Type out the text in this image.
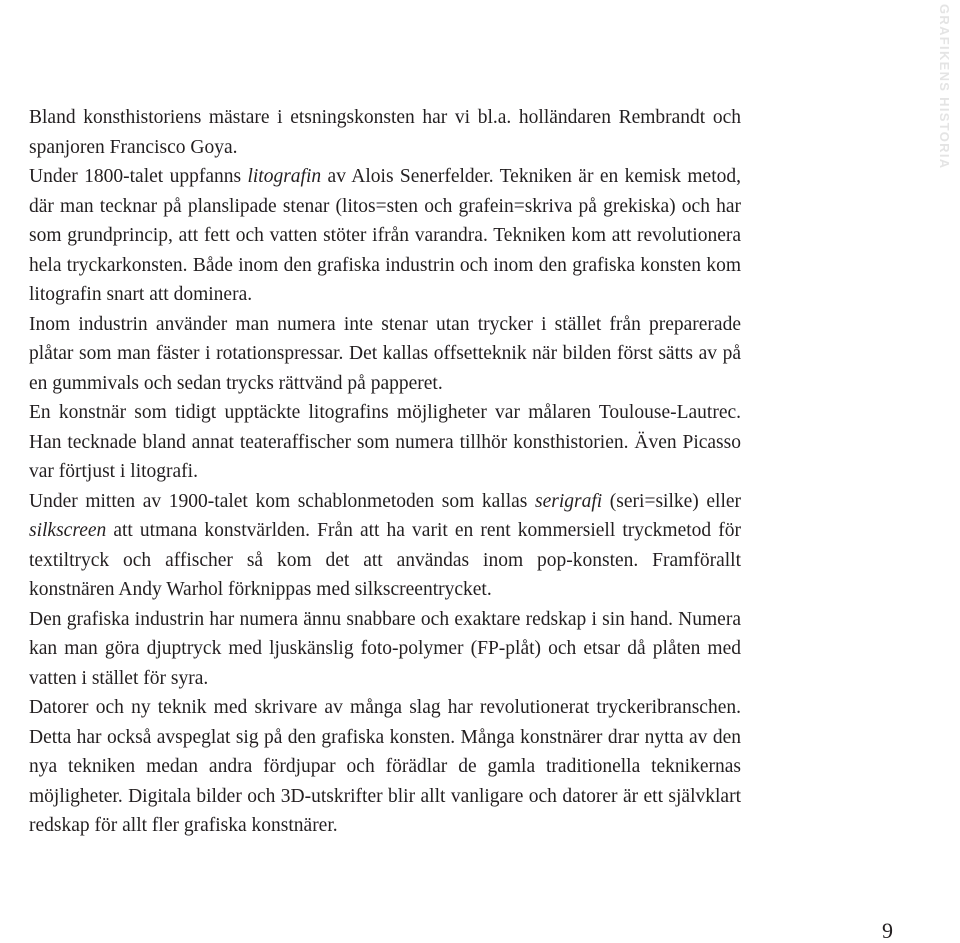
GRAFIKENS HISTORIA

Bland konsthistoriens mästare i etsningskonsten har vi bl.a. holländaren Rembrandt och spanjoren Francisco Goya.

Under 1800-talet uppfanns litografin av Alois Senerfelder. Tekniken är en kemisk metod, där man tecknar på planslipade stenar (litos=sten och grafein=skriva på grekiska) och har som grundprincip, att fett och vatten stöter ifrån varandra. Tekniken kom att revolutionera hela tryckarkonsten. Både inom den grafiska industrin och inom den grafiska konsten kom litografin snart att dominera.

Inom industrin använder man numera inte stenar utan trycker i stället från preparerade plåtar som man fäster i rotationspressar. Det kallas offsetteknik när bilden först sätts av på en gummivals och sedan trycks rättvänd på papperet.

En konstnär som tidigt upptäckte litografins möjligheter var målaren Toulouse-Lautrec. Han tecknade bland annat teateraffischer som numera tillhör konsthistorien. Även Picasso var förtjust i litografi.

Under mitten av 1900-talet kom schablonmetoden som kallas serigrafi (seri=silke) eller silkscreen att utmana konstvärlden. Från att ha varit en rent kommersiell tryckmetod för textiltryck och affischer så kom det att användas inom pop-konsten. Framförallt konstnären Andy Warhol förknippas med silkscreentrycket.

Den grafiska industrin har numera ännu snabbare och exaktare redskap i sin hand. Numera kan man göra djuptryck med ljuskänslig foto-polymer (FP-plåt) och etsar då plåten med vatten i stället för syra.

Datorer och ny teknik med skrivare av många slag har revolutionerat tryckeribranschen. Detta har också avspeglat sig på den grafiska konsten. Många konstnärer drar nytta av den nya tekniken medan andra fördjupar och förädlar de gamla traditionella teknikernas möjligheter. Digitala bilder och 3D-utskrifter blir allt vanligare och datorer är ett självklart redskap för allt fler grafiska konstnärer.

9
